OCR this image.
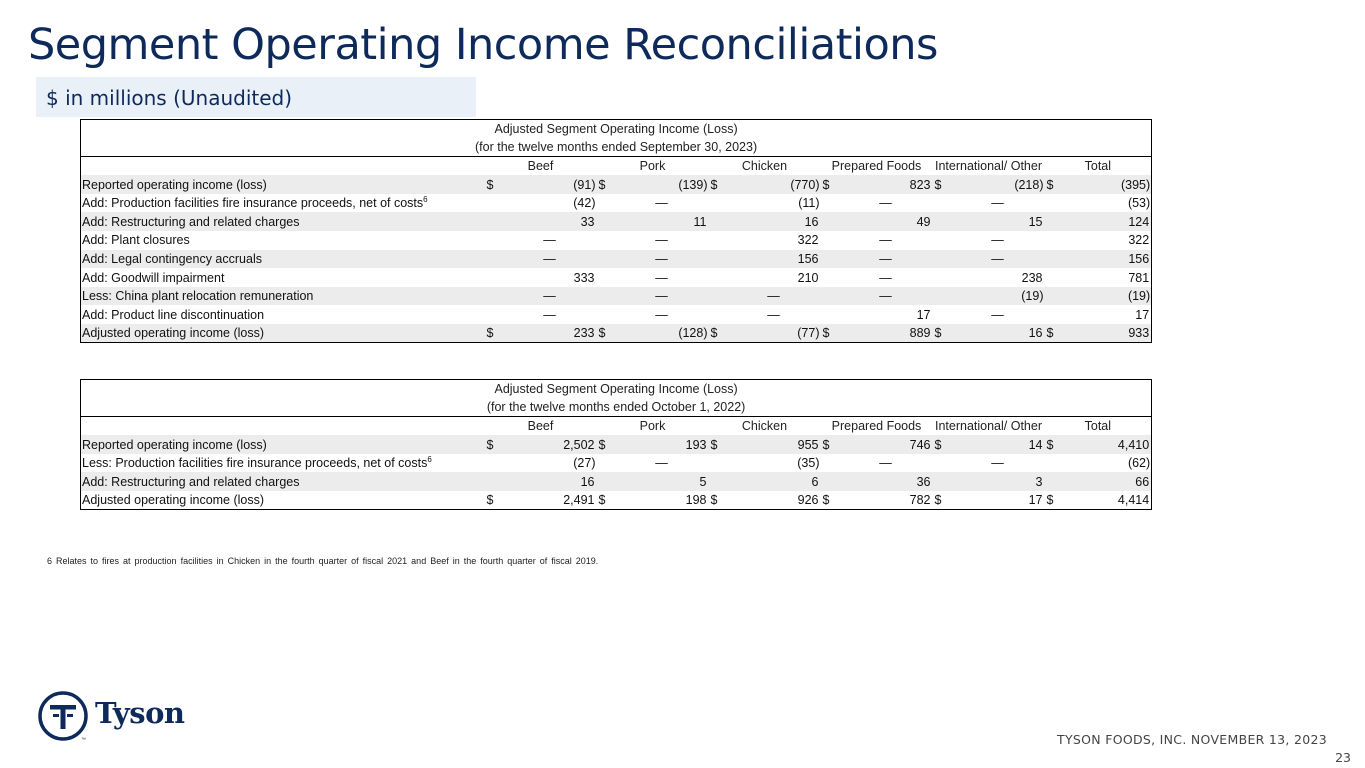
Segment Operating Income Reconciliations
$ in millions (Unaudited)
Adjusted Segment Operating Income (Loss)												
(for the twelve months ended September 30, 2023)												
	Beef		Pork		Chicken		Prepared Foods		International/ Other		Total	
Reported operating income (loss)	$	(91)	$	(139)	$	(770)	$	823	$	(218)	$	(395)
Add: Production facilities fire insurance proceeds, net of costs$^6$		(42)		—		(11)		—		—		(53)
Add: Restructuring and related charges		33		11		16		49		15		124
Add: Plant closures		—		—		322		—		—		322
Add: Legal contingency accruals		—		—		156		—		—		156
Add: Goodwill impairment		333		—		210		—		238		781
Less: China plant relocation remuneration		—		—		—		—		(19)		(19)
Add: Product line discontinuation		—		—		—		17		—		17
Adjusted operating income (loss)	$	233	$	(128)	$	(77)	$	889	$	16	$	933
Adjusted Segment Operating Income (Loss)												
(for the twelve months ended October 1, 2022)												
	Beef		Pork		Chicken		Prepared Foods		International/ Other		Total	
Reported operating income (loss)	$	2,502	$	193	$	955	$	746	$	14	$	4,410
Less: Production facilities fire insurance proceeds, net of costs$^6$		(27)		—		(35)		—		—		(62)
Add: Restructuring and related charges		16		5		6		36		3		66
Adjusted operating income (loss)	$	2,491	$	198	$	926	$	782	$	17	$	4,414
6 Relates to fires at production facilities in Chicken in the fourth quarter of fiscal 2021 and Beef in the fourth quarter of fiscal 2019.
Tyson
™	TYSON FOODS, INC. NOVEMBER 13, 2023
23
